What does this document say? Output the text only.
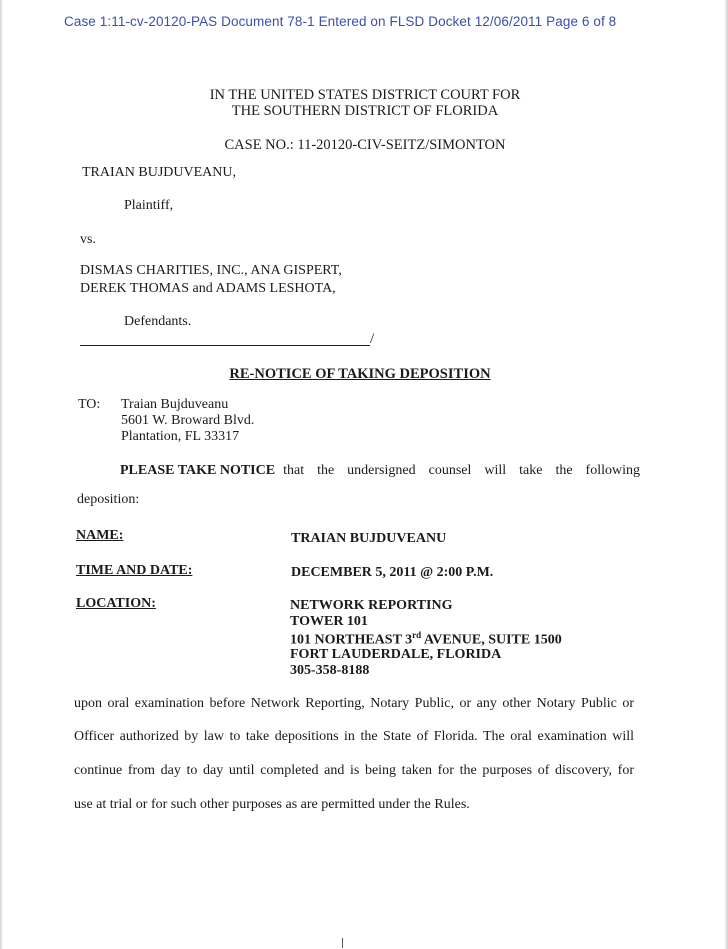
Case 1:11-cv-20120-PAS Document 78-1 Entered on FLSD Docket 12/06/2011 Page 6 of 8
IN THE UNITED STATES DISTRICT COURT FOR
THE SOUTHERN DISTRICT OF FLORIDA
CASE NO.: 11-20120-CIV-SEITZ/SIMONTON
TRAIAN BUJDUVEANU,
Plaintiff,
vs.
DISMAS CHARITIES, INC., ANA GISPERT,
DEREK THOMAS and ADAMS LESHOTA,
Defendants.
/
RE-NOTICE OF TAKING DEPOSITION
TO: Traian Bujduveanu
5601 W. Broward Blvd.
Plantation, FL 33317
PLEASE TAKE NOTICE that the undersigned counsel will take the following
deposition:
NAME:	TRAIAN BUJDUVEANU
TIME AND DATE:	DECEMBER 5, 2011 @ 2:00 P.M.
LOCATION:	NETWORK REPORTING
TOWER 101
101 NORTHEAST 3rd AVENUE, SUITE 1500
FORT LAUDERDALE, FLORIDA
305-358-8188
upon oral examination before Network Reporting, Notary Public, or any other Notary Public or
Officer authorized by law to take depositions in the State of Florida. The oral examination will
continue from day to day until completed and is being taken for the purposes of discovery, for
use at trial or for such other purposes as are permitted under the Rules.
